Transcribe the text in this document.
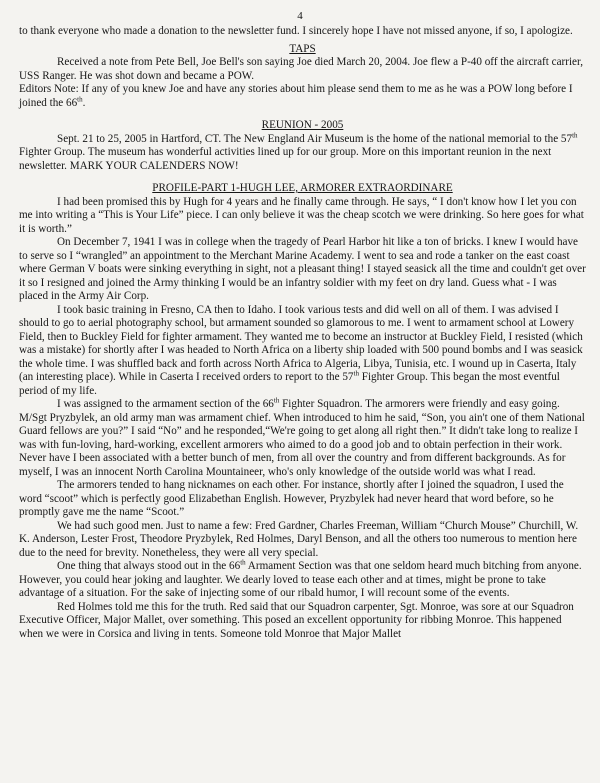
4

to thank everyone who made a donation to the newsletter fund. I sincerely hope I have not missed anyone, if so, I apologize.

TAPS

Received a note from Pete Bell, Joe Bell's son saying Joe died March 20, 2004. Joe flew a P-40 off the aircraft carrier, USS Ranger. He was shot down and became a POW.

Editors Note: If any of you knew Joe and have any stories about him please send them to me as he was a POW long before I joined the 66th.

REUNION - 2005

Sept. 21 to 25, 2005 in Hartford, CT. The New England Air Museum is the home of the national memorial to the 57th Fighter Group. The museum has wonderful activities lined up for our group. More on this important reunion in the next newsletter. MARK YOUR CALENDERS NOW!

PROFILE-PART 1-HUGH LEE, ARMORER EXTRAORDINARE

I had been promised this by Hugh for 4 years and he finally came through. He says, “ I don't know how I let you con me into writing a “This is Your Life” piece. I can only believe it was the cheap scotch we were drinking. So here goes for what it is worth.”

On December 7, 1941 I was in college when the tragedy of Pearl Harbor hit like a ton of bricks. I knew I would have to serve so I “wrangled” an appointment to the Merchant Marine Academy. I went to sea and rode a tanker on the east coast where German V boats were sinking everything in sight, not a pleasant thing! I stayed seasick all the time and couldn't get over it so I resigned and joined the Army thinking I would be an infantry soldier with my feet on dry land. Guess what - I was placed in the Army Air Corp.

I took basic training in Fresno, CA then to Idaho. I took various tests and did well on all of them. I was advised I should to go to aerial photography school, but armament sounded so glamorous to me. I went to armament school at Lowery Field, then to Buckley Field for fighter armament. They wanted me to become an instructor at Buckley Field, I resisted (which was a mistake) for shortly after I was headed to North Africa on a liberty ship loaded with 500 pound bombs and I was seasick the whole time. I was shuffled back and forth across North Africa to Algeria, Libya, Tunisia, etc. I wound up in Caserta, Italy (an interesting place). While in Caserta I received orders to report to the 57th Fighter Group. This began the most eventful period of my life.

I was assigned to the armament section of the 66th Fighter Squadron. The armorers were friendly and easy going. M/Sgt Pryzbylek, an old army man was armament chief. When introduced to him he said, “Son, you ain't one of them National Guard fellows are you?” I said “No” and he responded,“We're going to get along all right then.” It didn't take long to realize I was with fun-loving, hard-working, excellent armorers who aimed to do a good job and to obtain perfection in their work. Never have I been associated with a better bunch of men, from all over the country and from different backgrounds. As for myself, I was an innocent North Carolina Mountaineer, who's only knowledge of the outside world was what I read.

The armorers tended to hang nicknames on each other. For instance, shortly after I joined the squadron, I used the word “scoot” which is perfectly good Elizabethan English. However, Pryzbylek had never heard that word before, so he promptly gave me the name “Scoot.”

We had such good men. Just to name a few: Fred Gardner, Charles Freeman, William “Church Mouse” Churchill, W. K. Anderson, Lester Frost, Theodore Pryzbylek, Red Holmes, Daryl Benson, and all the others too numerous to mention here due to the need for brevity. Nonetheless, they were all very special.

One thing that always stood out in the 66th Armament Section was that one seldom heard much bitching from anyone. However, you could hear joking and laughter. We dearly loved to tease each other and at times, might be prone to take advantage of a situation. For the sake of injecting some of our ribald humor, I will recount some of the events.

Red Holmes told me this for the truth. Red said that our Squadron carpenter, Sgt. Monroe, was sore at our Squadron Executive Officer, Major Mallet, over something. This posed an excellent opportunity for ribbing Monroe. This happened when we were in Corsica and living in tents. Someone told Monroe that Major Mallet
